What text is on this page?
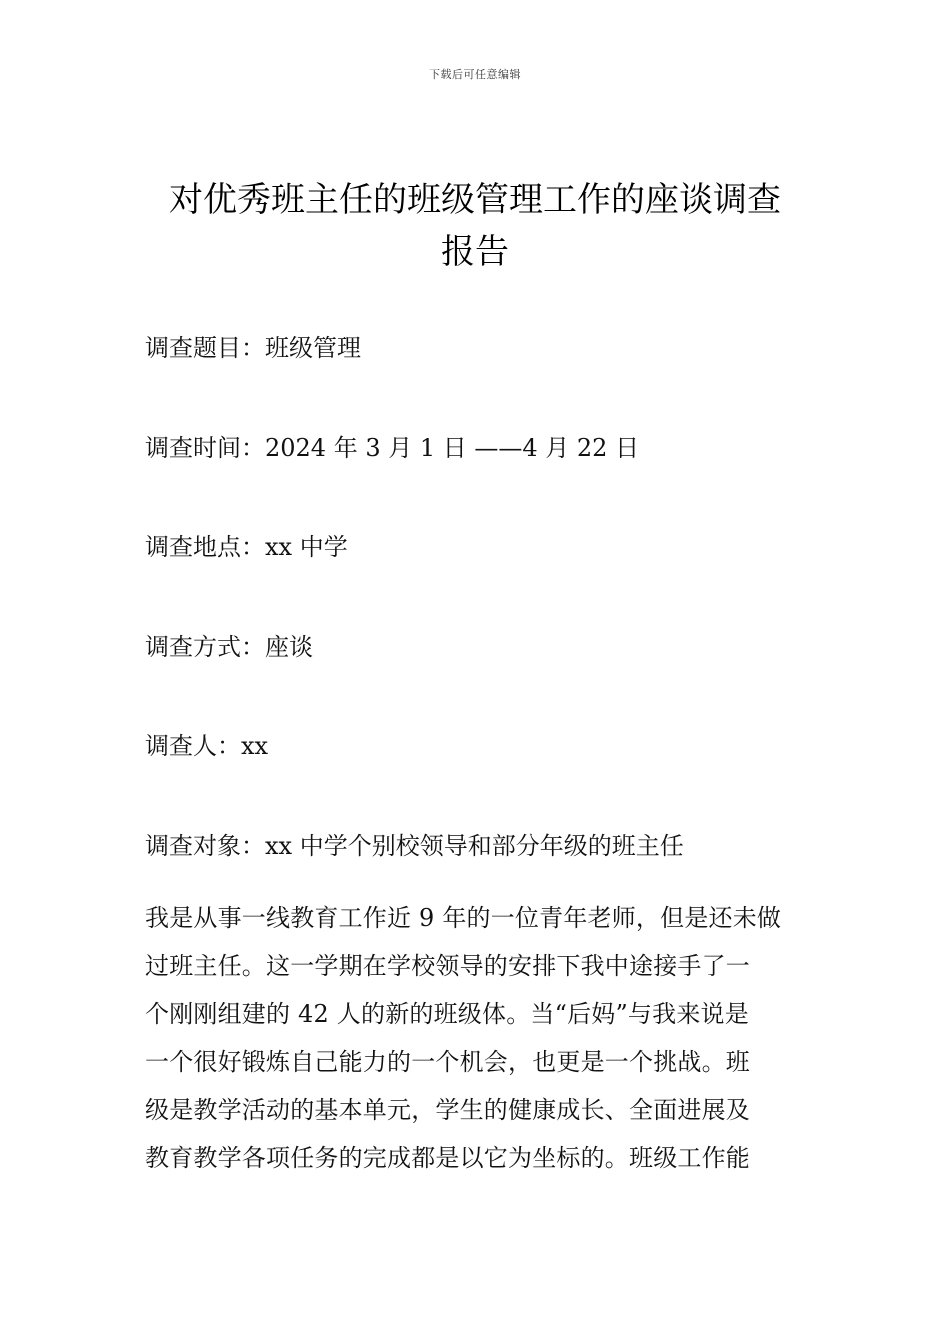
下载后可任意编辑
对优秀班主任的班级管理工作的座谈调查
报告
调查题目：班级管理
调查时间：2024 年 3 月 1 日 ——4 月 22 日
调查地点：xx 中学
调查方式：座谈
调查人：xx
调查对象：xx 中学个别校领导和部分年级的班主任

我是从事一线教育工作近 9 年的一位青年老师，但是还未做
过班主任。这一学期在学校领导的安排下我中途接手了一
个刚刚组建的 42 人的新的班级体。当“后妈”与我来说是
一个很好锻炼自己能力的一个机会，也更是一个挑战。班
级是教学活动的基本单元，学生的健康成长、全面进展及
教育教学各项任务的完成都是以它为坐标的。班级工作能
